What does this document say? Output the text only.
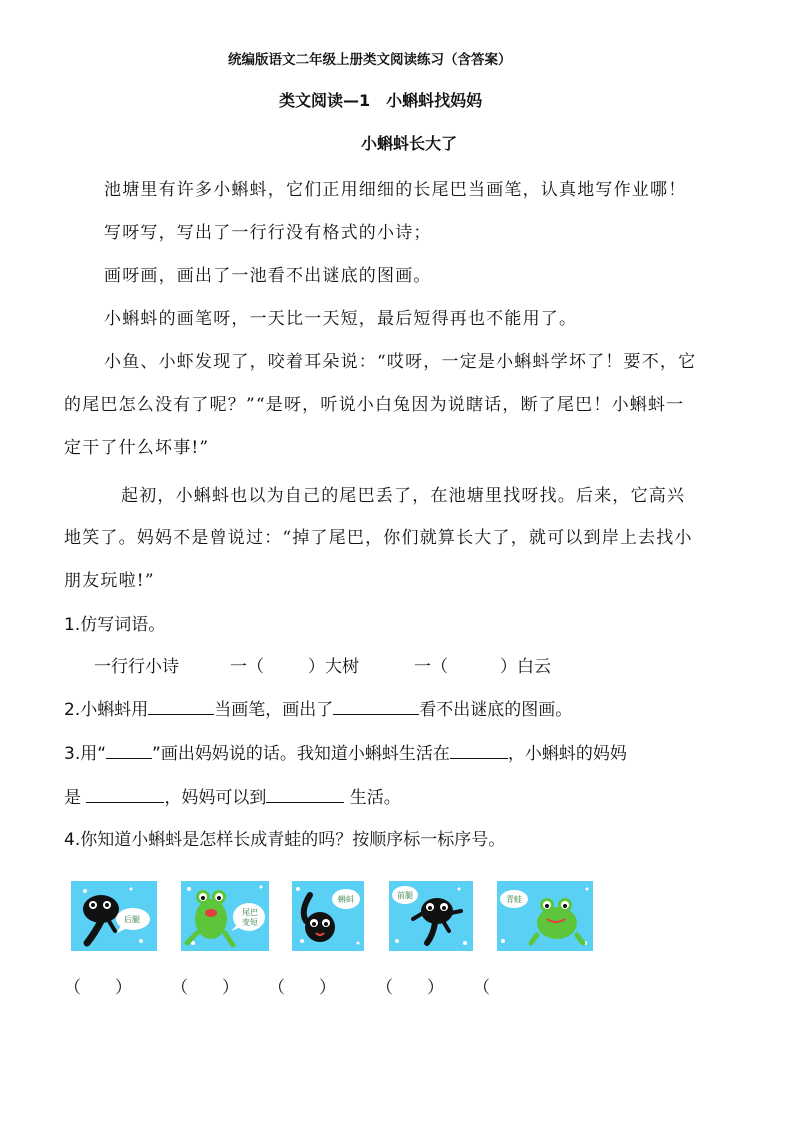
统编版语文二年级上册类文阅读练习（含答案）
类文阅读—1　小蝌蚪找妈妈
小蝌蚪长大了
池塘里有许多小蝌蚪，它们正用细细的长尾巴当画笔，认真地写作业哪！
写呀写，写出了一行行没有格式的小诗；
画呀画，画出了一池看不出谜底的图画。
小蝌蚪的画笔呀，一天比一天短，最后短得再也不能用了。
小鱼、小虾发现了，咬着耳朵说：“哎呀，一定是小蝌蚪学坏了！要不，它
的尾巴怎么没有了呢？”“是呀，听说小白兔因为说瞎话，断了尾巴！小蝌蚪一
定干了什么坏事!”
起初，小蝌蚪也以为自己的尾巴丢了，在池塘里找呀找。后来，它高兴
地笑了。妈妈不是曾说过：“掉了尾巴，你们就算长大了，就可以到岸上去找小
朋友玩啦!”
1.仿写词语。
一行行小诗	一（	）大树	一（	）白云
2.小蝌蚪用	当画笔，画出了	看不出谜底的图画。
3.用“	”画出妈妈说的话。我知道小蝌蚪生活在	，小蝌蚪的妈妈
是	，妈妈可以到	生活。
4.你知道小蝌蚪是怎样长成青蛙的吗？按顺序标一标序号。
后腿
尾巴
变短
蝌蚪	前腿	青蛙
（　　） （　　） （　　） （　　） （
